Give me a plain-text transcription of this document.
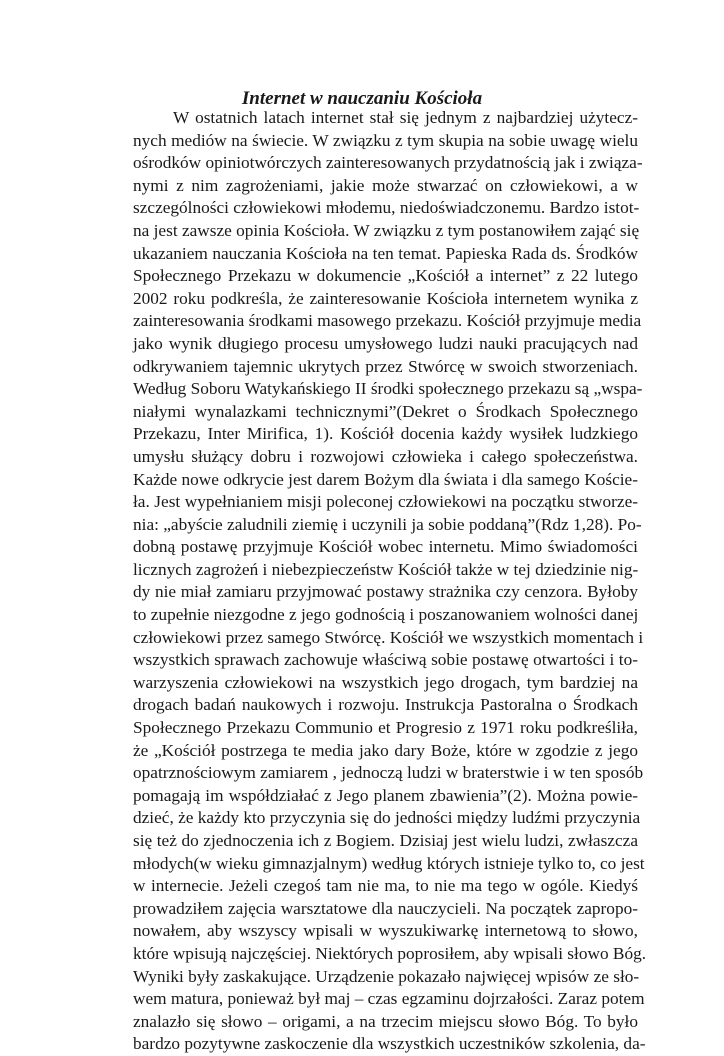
Internet w nauczaniu Kościoła
W ostatnich latach internet stał się jednym z najbardziej użytecz-
nych mediów na świecie. W związku z tym skupia na sobie uwagę wielu
ośrodków opiniotwórczych zainteresowanych przydatnością jak i związa-
nymi z nim zagrożeniami, jakie może stwarzać on człowiekowi, a w
szczególności człowiekowi młodemu, niedoświadczonemu. Bardzo istot-
na jest zawsze opinia Kościoła. W związku z tym postanowiłem zająć się
ukazaniem nauczania Kościoła na ten temat. Papieska Rada ds. Środków
Społecznego Przekazu w dokumencie „Kościół a internet” z 22 lutego
2002 roku podkreśla, że zainteresowanie Kościoła internetem wynika z
zainteresowania środkami masowego przekazu. Kościół przyjmuje media
jako wynik długiego procesu umysłowego ludzi nauki pracujących nad
odkrywaniem tajemnic ukrytych przez Stwórcę w swoich stworzeniach.
Według Soboru Watykańskiego II środki społecznego przekazu są „wspa-
niałymi wynalazkami technicznymi”(Dekret o Środkach Społecznego
Przekazu, Inter Mirifica, 1). Kościół docenia każdy wysiłek ludzkiego
umysłu służący dobru i rozwojowi człowieka i całego społeczeństwa.
Każde nowe odkrycie jest darem Bożym dla świata i dla samego Koście-
ła. Jest wypełnianiem misji poleconej człowiekowi na początku stworze-
nia: „abyście zaludnili ziemię i uczynili ja sobie poddaną”(Rdz 1,28). Po-
dobną postawę przyjmuje Kościół wobec internetu. Mimo świadomości
licznych zagrożeń i niebezpieczeństw Kościół także w tej dziedzinie nig-
dy nie miał zamiaru przyjmować postawy strażnika czy cenzora. Byłoby
to zupełnie niezgodne z jego godnością i poszanowaniem wolności danej
człowiekowi przez samego Stwórcę. Kościół we wszystkich momentach i
wszystkich sprawach zachowuje właściwą sobie postawę otwartości i to-
warzyszenia człowiekowi na wszystkich jego drogach, tym bardziej na
drogach badań naukowych i rozwoju. Instrukcja Pastoralna o Środkach
Społecznego Przekazu Communio et Progresio z 1971 roku podkreśliła,
że „Kościół postrzega te media jako dary Boże, które w zgodzie z jego
opatrznościowym zamiarem , jednoczą ludzi w braterstwie i w ten sposób
pomagają im współdziałać z Jego planem zbawienia”(2). Można powie-
dzieć, że każdy kto przyczynia się do jedności między ludźmi przyczynia
się też do zjednoczenia ich z Bogiem. Dzisiaj jest wielu ludzi, zwłaszcza
młodych(w wieku gimnazjalnym) według których istnieje tylko to, co jest
w internecie. Jeżeli czegoś tam nie ma, to nie ma tego w ogóle. Kiedyś
prowadziłem zajęcia warsztatowe dla nauczycieli. Na początek zapropo-
nowałem, aby wszyscy wpisali w wyszukiwarkę internetową to słowo,
które wpisują najczęściej. Niektórych poprosiłem, aby wpisali słowo Bóg.
Wyniki były zaskakujące. Urządzenie pokazało najwięcej wpisów ze sło-
wem matura, ponieważ był maj – czas egzaminu dojrzałości. Zaraz potem
znalazło się słowo – origami, a na trzecim miejscu słowo Bóg. To było
bardzo pozytywne zaskoczenie dla wszystkich uczestników szkolenia, da-
